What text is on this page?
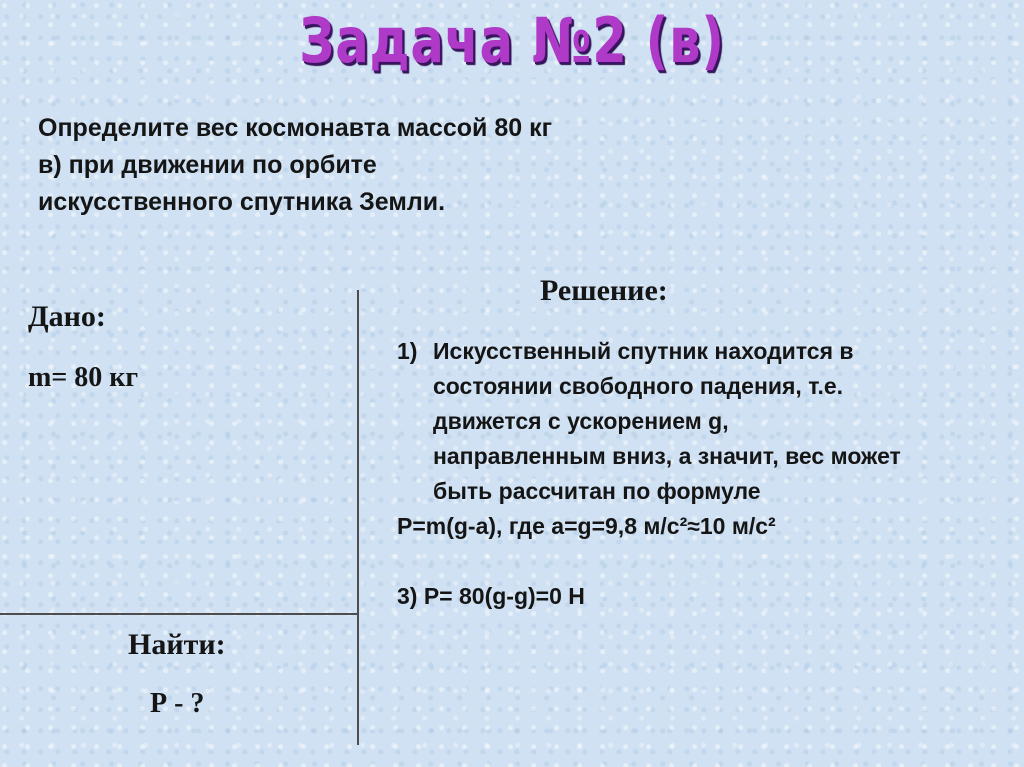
Задача №2 (в)
Определите вес космонавта массой 80 кг
в) при движении по орбите
искусственного спутника Земли.
Дано:
m= 80 кг
Найти:
Р - ?
Решение:
1) Искусственный спутник находится в
состоянии свободного падения, т.е.
движется с ускорением g,
направленным вниз, а значит, вес может
быть рассчитан по формуле
P=m(g-a), где a=g=9,8 м/с²≈10 м/с²
3) P= 80(g-g)=0 Н
